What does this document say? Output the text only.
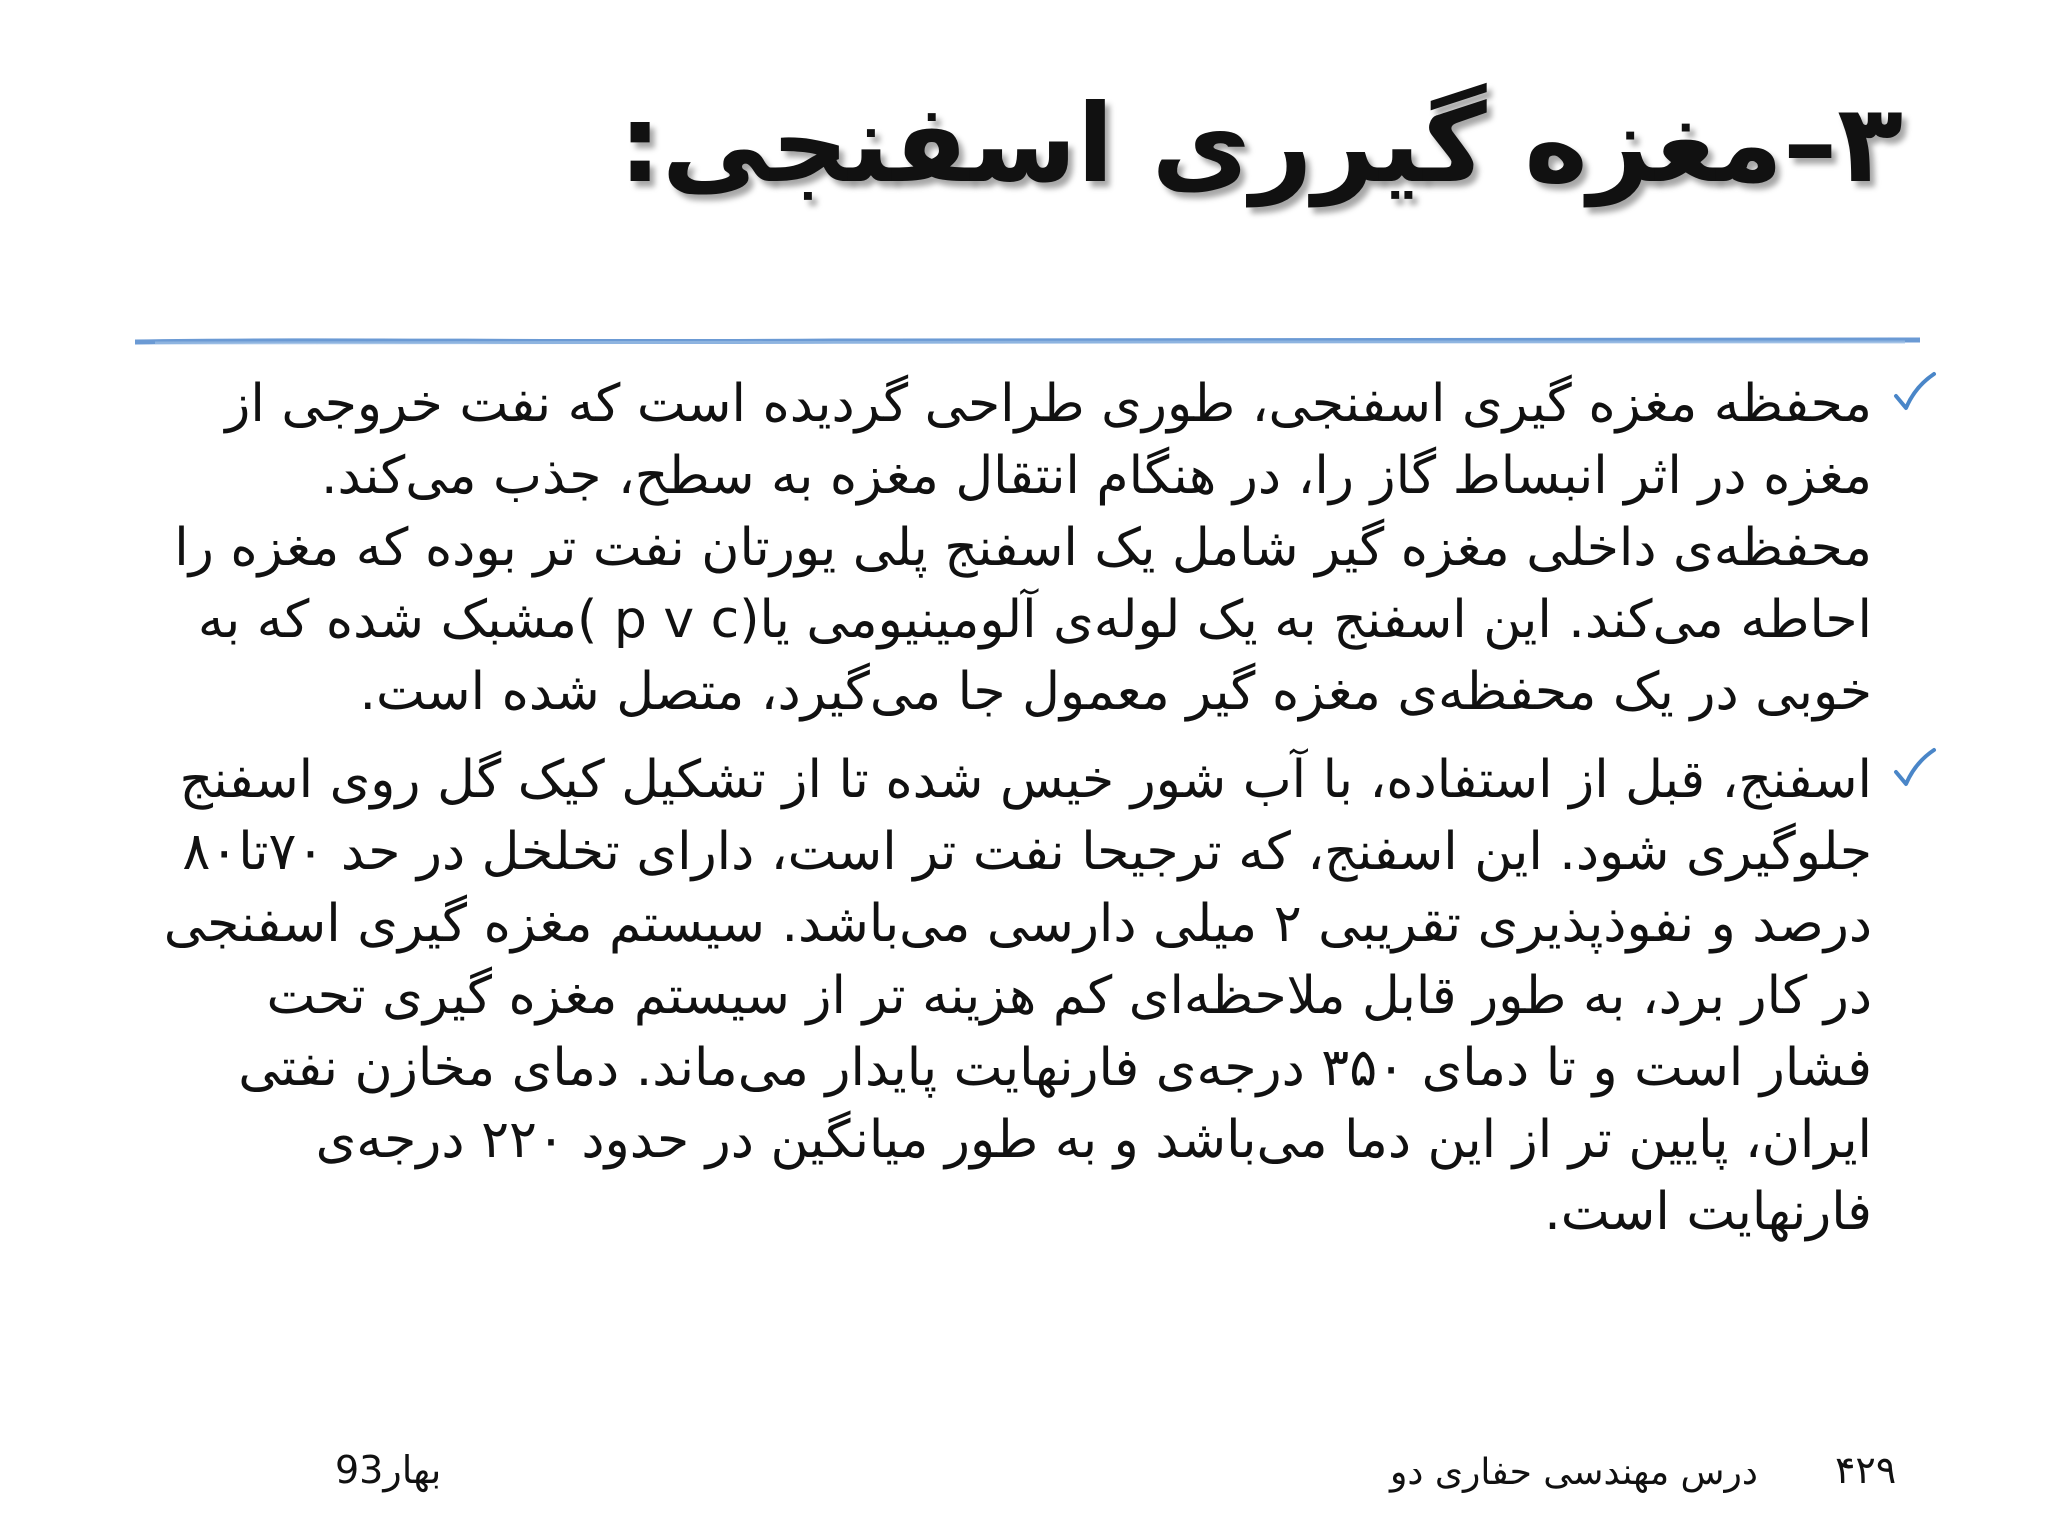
۳–مغزه گیرری اسفنجی:

محفظه مغزه گیری اسفنجی، طوری طراحی گردیده است که نفت خروجی از مغزه در اثر انبساط گاز را، در هنگام انتقال مغزه به سطح، جذب می‌کند. محفظه‌ی داخلی مغزه گیر شامل یک اسفنج پلی یورتان نفت تر بوده که مغزه را احاطه می‌کند. این اسفنج به یک لوله‌ی آلومینیومی یا(p v c )مشبک شده که به خوبی در یک محفظه‌ی مغزه گیر معمول جا می‌گیرد، متصل شده است.

اسفنج، قبل از استفاده، با آب شور خیس شده تا از تشکیل کیک گل روی اسفنج جلوگیری شود. این اسفنج، که ترجیحا نفت تر است، دارای تخلخل در حد ۷۰تا۸۰ درصد و نفوذپذیری تقریبی ۲ میلی دارسی می‌باشد. سیستم مغزه گیری اسفنجی در کار برد، به طور قابل ملاحظه‌ای کم هزینه تر از سیستم مغزه گیری تحت فشار است و تا دمای ۳۵۰ درجه‌ی فارنهایت پایدار می‌ماند. دمای مخازن نفتی ایران، پایین تر از این دما می‌باشد و به طور میانگین در حدود ۲۲۰ درجه‌ی فارنهایت است.

بهار93	درس مهندسی حفاری دو ۴۲۹
